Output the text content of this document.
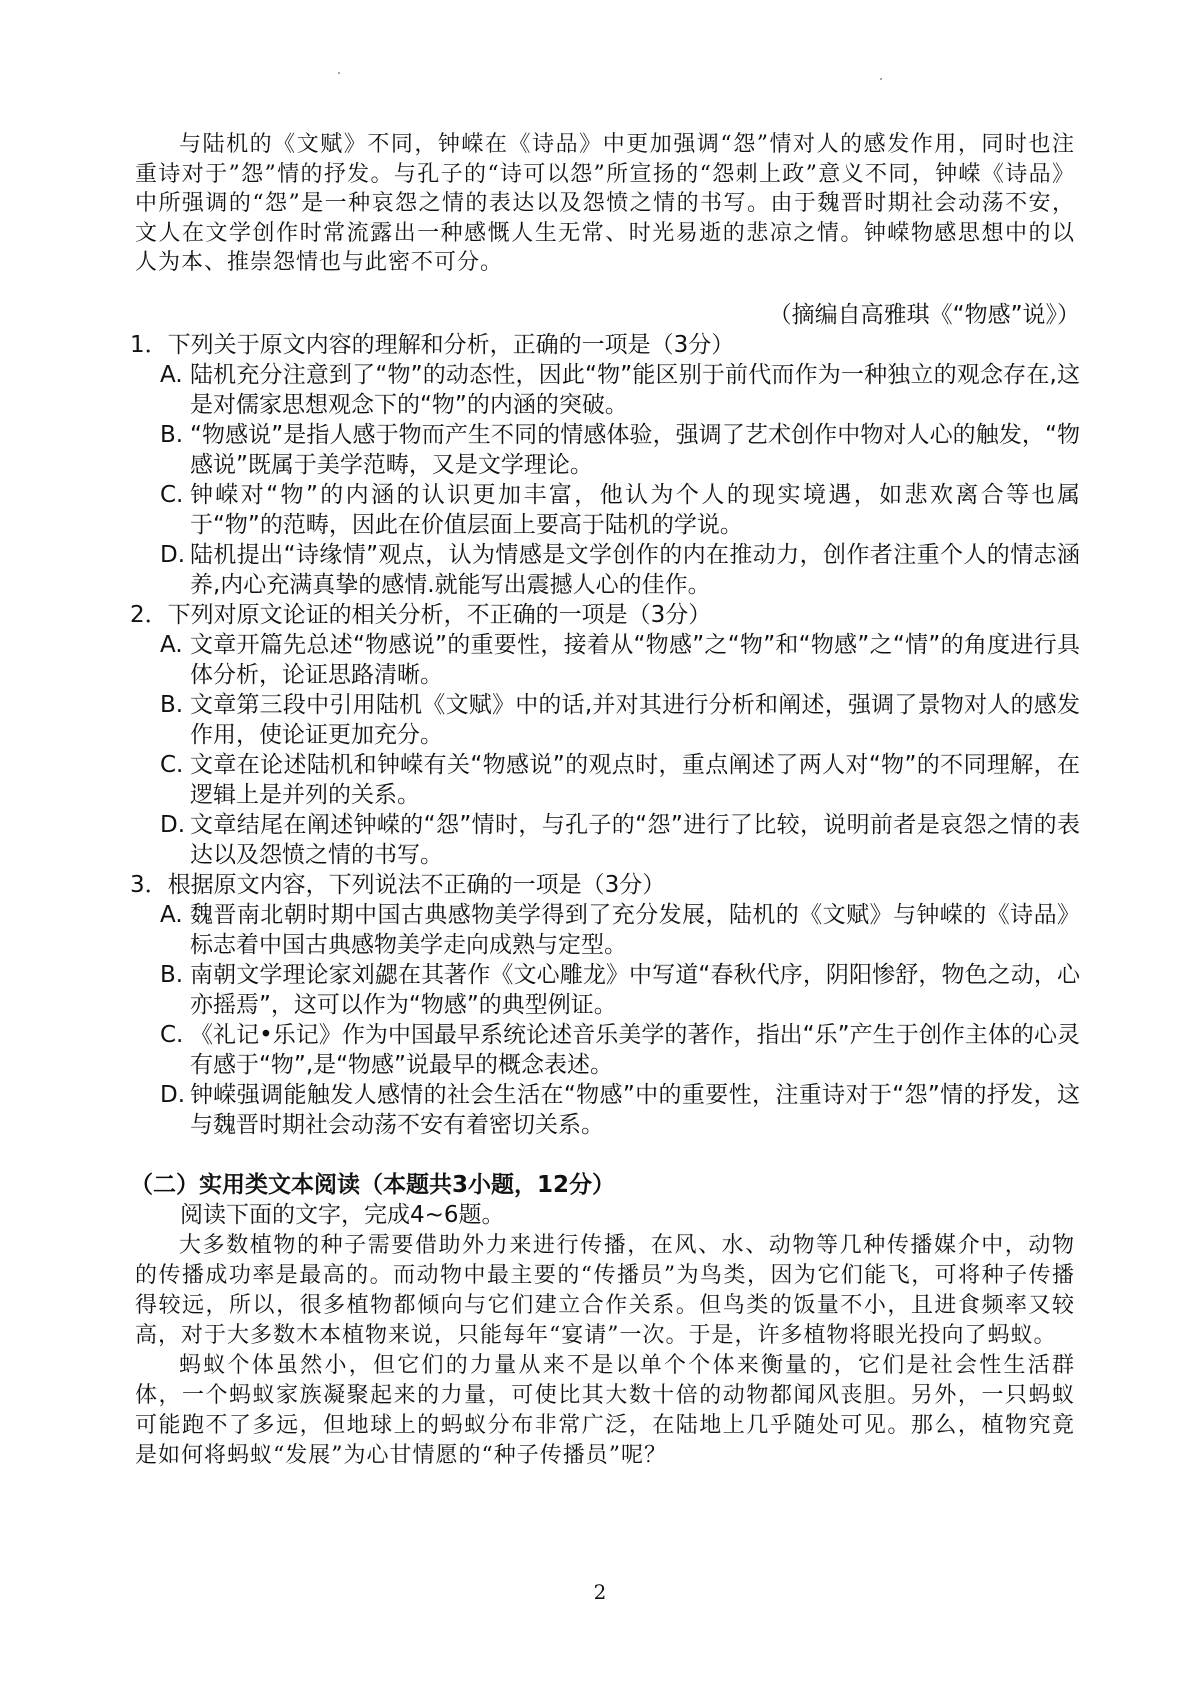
与陆机的《文赋》不同，钟嵘在《诗品》中更加强调“怨”情对人的感发作用，同时也注重诗对于”怨”情的抒发。与孔子的“诗可以怨”所宣扬的“怨刺上政”意义不同，钟嵘《诗品》中所强调的“怨”是一种哀怨之情的表达以及怨愤之情的书写。由于魏晋时期社会动荡不安，文人在文学创作时常流露出一种感慨人生无常、时光易逝的悲凉之情。钟嵘物感思想中的以人为本、推崇怨情也与此密不可分。

（摘编自高雅琪《“物感”说》）
1．下列关于原文内容的理解和分析，正确的一项是（3分）
A. 陆机充分注意到了“物”的动态性，因此“物”能区别于前代而作为一种独立的观念存在,这是对儒家思想观念下的“物”的内涵的突破。
B. “物感说”是指人感于物而产生不同的情感体验，强调了艺术创作中物对人心的触发，“物感说”既属于美学范畴，又是文学理论。
C. 钟嵘对“物”的内涵的认识更加丰富，他认为个人的现实境遇，如悲欢离合等也属于“物”的范畴，因此在价值层面上要高于陆机的学说。
D. 陆机提出“诗缘情”观点，认为情感是文学创作的内在推动力，创作者注重个人的情志涵养,内心充满真挚的感情.就能写出震撼人心的佳作。
2．下列对原文论证的相关分析，不正确的一项是（3分）
A. 文章开篇先总述“物感说”的重要性，接着从“物感”之“物”和“物感”之“情”的角度进行具体分析，论证思路清晰。
B. 文章第三段中引用陆机《文赋》中的话,并对其进行分析和阐述，强调了景物对人的感发作用，使论证更加充分。
C. 文章在论述陆机和钟嵘有关“物感说”的观点时，重点阐述了两人对“物”的不同理解，在逻辑上是并列的关系。
D. 文章结尾在阐述钟嵘的“怨”情时，与孔子的“怨”进行了比较，说明前者是哀怨之情的表达以及怨愤之情的书写。
3．根据原文内容，下列说法不正确的一项是（3分）
A. 魏晋南北朝时期中国古典感物美学得到了充分发展，陆机的《文赋》与钟嵘的《诗品》标志着中国古典感物美学走向成熟与定型。
B. 南朝文学理论家刘勰在其著作《文心雕龙》中写道“春秋代序，阴阳惨舒，物色之动，心亦摇焉”，这可以作为“物感”的典型例证。
C. 《礼记•乐记》作为中国最早系统论述音乐美学的著作，指出“乐”产生于创作主体的心灵有感于“物”,是“物感”说最早的概念表述。
D. 钟嵘强调能触发人感情的社会生活在“物感”中的重要性，注重诗对于“怨”情的抒发，这与魏晋时期社会动荡不安有着密切关系。
（二）实用类文本阅读（本题共3小题，12分）
阅读下面的文字，完成4~6题。

大多数植物的种子需要借助外力来进行传播，在风、水、动物等几种传播媒介中，动物的传播成功率是最高的。而动物中最主要的“传播员”为鸟类，因为它们能飞，可将种子传播得较远，所以，很多植物都倾向与它们建立合作关系。但鸟类的饭量不小，且进食频率又较高，对于大多数木本植物来说，只能每年“宴请”一次。于是，许多植物将眼光投向了蚂蚁。

蚂蚁个体虽然小，但它们的力量从来不是以单个个体来衡量的，它们是社会性生活群体，一个蚂蚁家族凝聚起来的力量，可使比其大数十倍的动物都闻风丧胆。另外，一只蚂蚁可能跑不了多远，但地球上的蚂蚁分布非常广泛，在陆地上几乎随处可见。那么，植物究竟是如何将蚂蚁“发展”为心甘情愿的“种子传播员”呢？

2
